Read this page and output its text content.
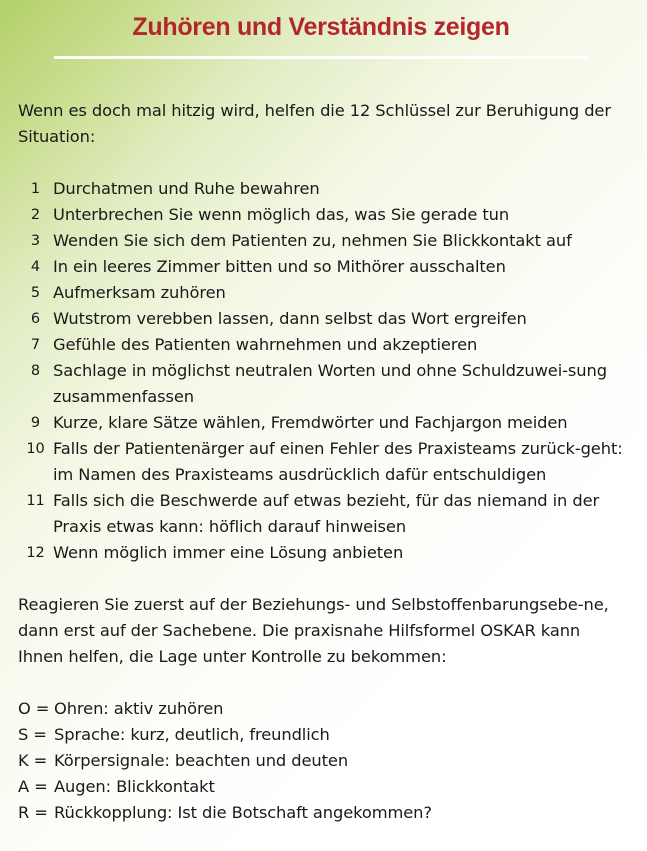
Zuhören und Verständnis zeigen

Wenn es doch mal hitzig wird, helfen die 12 Schlüssel zur Beruhigung der Situation:

1 Durchatmen und Ruhe bewahren
2 Unterbrechen Sie wenn möglich das, was Sie gerade tun
3 Wenden Sie sich dem Patienten zu, nehmen Sie Blickkontakt auf
4 In ein leeres Zimmer bitten und so Mithörer ausschalten
5 Aufmerksam zuhören
6 Wutstrom verebben lassen, dann selbst das Wort ergreifen
7 Gefühle des Patienten wahrnehmen und akzeptieren
8 Sachlage in möglichst neutralen Worten und ohne Schuldzuwei-sung zusammenfassen
9 Kurze, klare Sätze wählen, Fremdwörter und Fachjargon meiden
10 Falls der Patientenärger auf einen Fehler des Praxisteams zurück-geht: im Namen des Praxisteams ausdrücklich dafür entschuldigen
11 Falls sich die Beschwerde auf etwas bezieht, für das niemand in der Praxis etwas kann: höflich darauf hinweisen
12 Wenn möglich immer eine Lösung anbieten

Reagieren Sie zuerst auf der Beziehungs- und Selbstoffenbarungsebe-ne, dann erst auf der Sachebene. Die praxisnahe Hilfsformel OSKAR kann Ihnen helfen, die Lage unter Kontrolle zu bekommen:

O = Ohren: aktiv zuhören
S = Sprache: kurz, deutlich, freundlich
K = Körpersignale: beachten und deuten
A = Augen: Blickkontakt
R = Rückkopplung: Ist die Botschaft angekommen?
